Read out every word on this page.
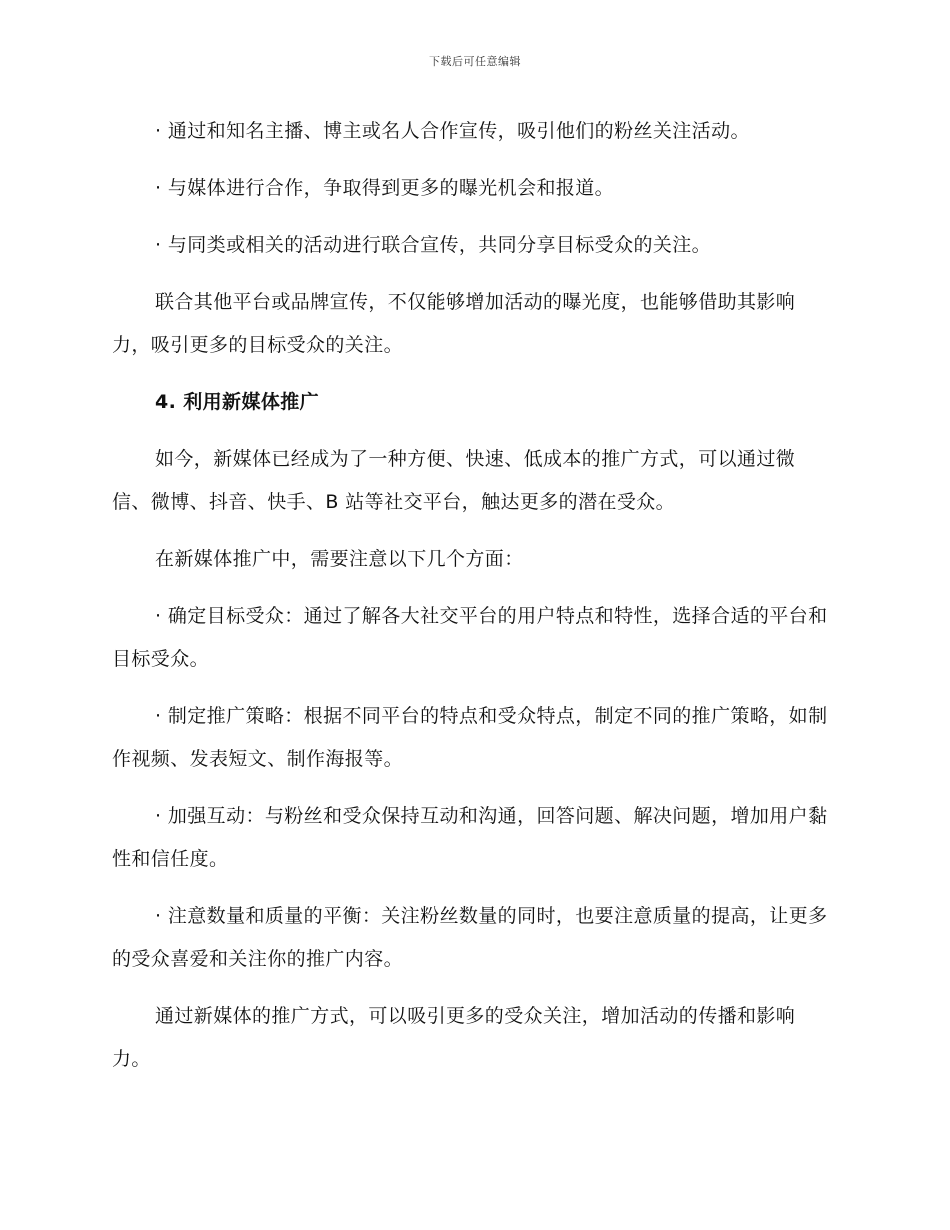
下载后可任意编辑

· 通过和知名主播、博主或名人合作宣传，吸引他们的粉丝关注活动。

· 与媒体进行合作，争取得到更多的曝光机会和报道。

· 与同类或相关的活动进行联合宣传，共同分享目标受众的关注。

联合其他平台或品牌宣传，不仅能够增加活动的曝光度，也能够借助其影响力，吸引更多的目标受众的关注。

4. 利用新媒体推广

如今，新媒体已经成为了一种方便、快速、低成本的推广方式，可以通过微信、微博、抖音、快手、B 站等社交平台，触达更多的潜在受众。

在新媒体推广中，需要注意以下几个方面：

· 确定目标受众：通过了解各大社交平台的用户特点和特性，选择合适的平台和目标受众。

· 制定推广策略：根据不同平台的特点和受众特点，制定不同的推广策略，如制作视频、发表短文、制作海报等。

· 加强互动：与粉丝和受众保持互动和沟通，回答问题、解决问题，增加用户黏性和信任度。

· 注意数量和质量的平衡：关注粉丝数量的同时，也要注意质量的提高，让更多的受众喜爱和关注你的推广内容。

通过新媒体的推广方式，可以吸引更多的受众关注，增加活动的传播和影响力。
